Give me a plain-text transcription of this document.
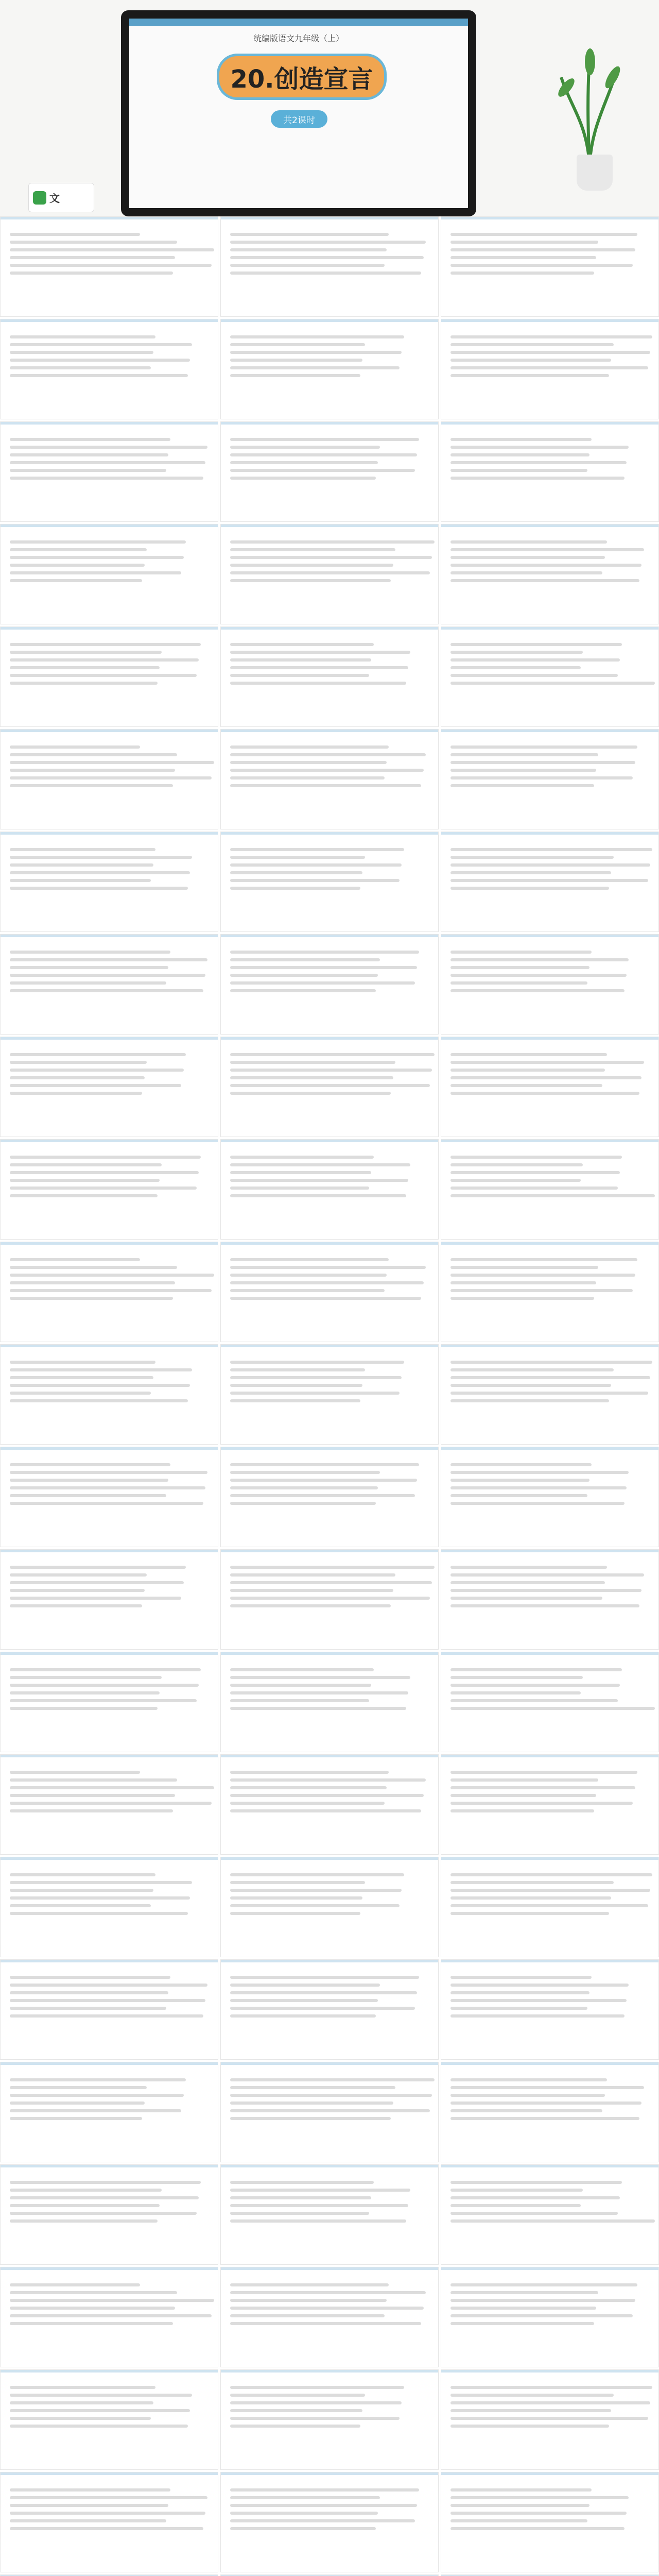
统编版语文九年级（上）
20.创造宣言
共2课时
文
